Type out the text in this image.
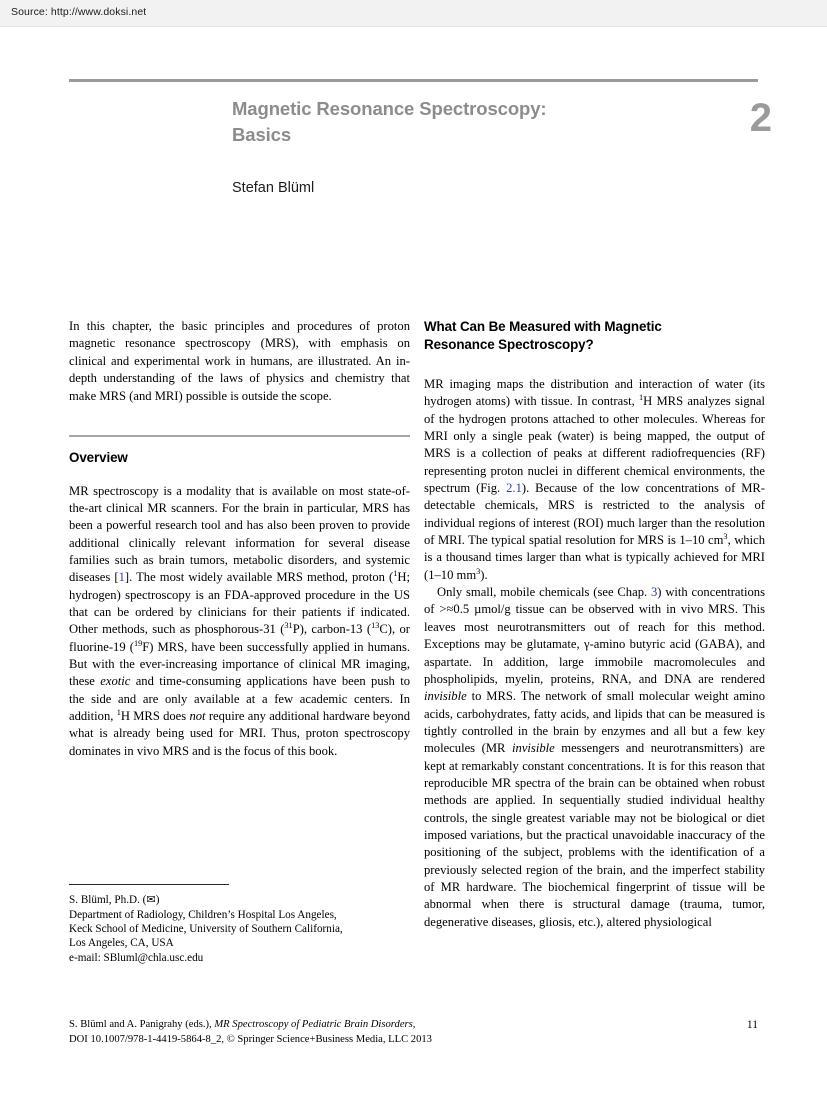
Source: http://www.doksi.net
Magnetic Resonance Spectroscopy:
Basics	2
Stefan Blüml

In this chapter, the basic principles and procedures of proton magnetic resonance spectroscopy (MRS), with emphasis on clinical and experimental work in humans, are illustrated. An in-depth understanding of the laws of physics and chemistry that make MRS (and MRI) possible is outside the scope.

Overview

MR spectroscopy is a modality that is available on most state-of-the-art clinical MR scanners. For the brain in particular, MRS has been a powerful research tool and has also been proven to provide additional clinically relevant information for several disease families such as brain tumors, metabolic disorders, and systemic diseases [1]. The most widely available MRS method, proton ($^1$H; hydrogen) spectroscopy is an FDA-approved procedure in the US that can be ordered by clinicians for their patients if indicated. Other methods, such as phosphorous-31 ($^{31}$P), carbon-13 ($^{13}$C), or fluorine-19 ($^{19}$F) MRS, have been successfully applied in humans. But with the ever-increasing importance of clinical MR imaging, these exotic and time-consuming applications have been push to the side and are only available at a few academic centers. In addition, $^1$H MRS does not require any additional hardware beyond what is already being used for MRI. Thus, proton spectroscopy dominates in vivo MRS and is the focus of this book.

What Can Be Measured with Magnetic
Resonance Spectroscopy?

MR imaging maps the distribution and interaction of water (its hydrogen atoms) with tissue. In contrast, $^1$H MRS analyzes signal of the hydrogen protons attached to other molecules. Whereas for MRI only a single peak (water) is being mapped, the output of MRS is a collection of peaks at different radiofrequencies (RF) representing proton nuclei in different chemical environments, the spectrum (Fig. 2.1). Because of the low concentrations of MR-detectable chemicals, MRS is restricted to the analysis of individual regions of interest (ROI) much larger than the resolution of MRI. The typical spatial resolution for MRS is 1–10 $cm^3$, which is a thousand times larger than what is typically achieved for MRI (1–10 $mm^3$).

Only small, mobile chemicals (see Chap. 3) with concentrations of >≈0.5 µmol/g tissue can be observed with in vivo MRS. This leaves most neurotransmitters out of reach for this method. Exceptions may be glutamate, γ-amino butyric acid (GABA), and aspartate. In addition, large immobile macromolecules and phospholipids, myelin, proteins, RNA, and DNA are rendered invisible to MRS. The network of small molecular weight amino acids, carbohydrates, fatty acids, and lipids that can be measured is tightly controlled in the brain by enzymes and all but a few key molecules (MR invisible messengers and neurotransmitters) are kept at remarkably constant concentrations. It is for this reason that reproducible MR spectra of the brain can be obtained when robust methods are applied. In sequentially studied individual healthy controls, the single greatest variable may not be biological or diet imposed variations, but the practical unavoidable inaccuracy of the positioning of the subject, problems with the identification of a previously selected region of the brain, and the imperfect stability of MR hardware. The biochemical fingerprint of tissue will be abnormal when there is structural damage (trauma, tumor, degenerative diseases, gliosis, etc.), altered physiological

S. Blüml, Ph.D. (✉)
Department of Radiology, Children’s Hospital Los Angeles,
Keck School of Medicine, University of Southern California,
Los Angeles, CA, USA
e-mail: SBluml@chla.usc.edu
S. Blüml and A. Panigrahy (eds.), MR Spectroscopy of Pediatric Brain Disorders,
DOI 10.1007/978-1-4419-5864-8_2, © Springer Science+Business Media, LLC 2013
11
